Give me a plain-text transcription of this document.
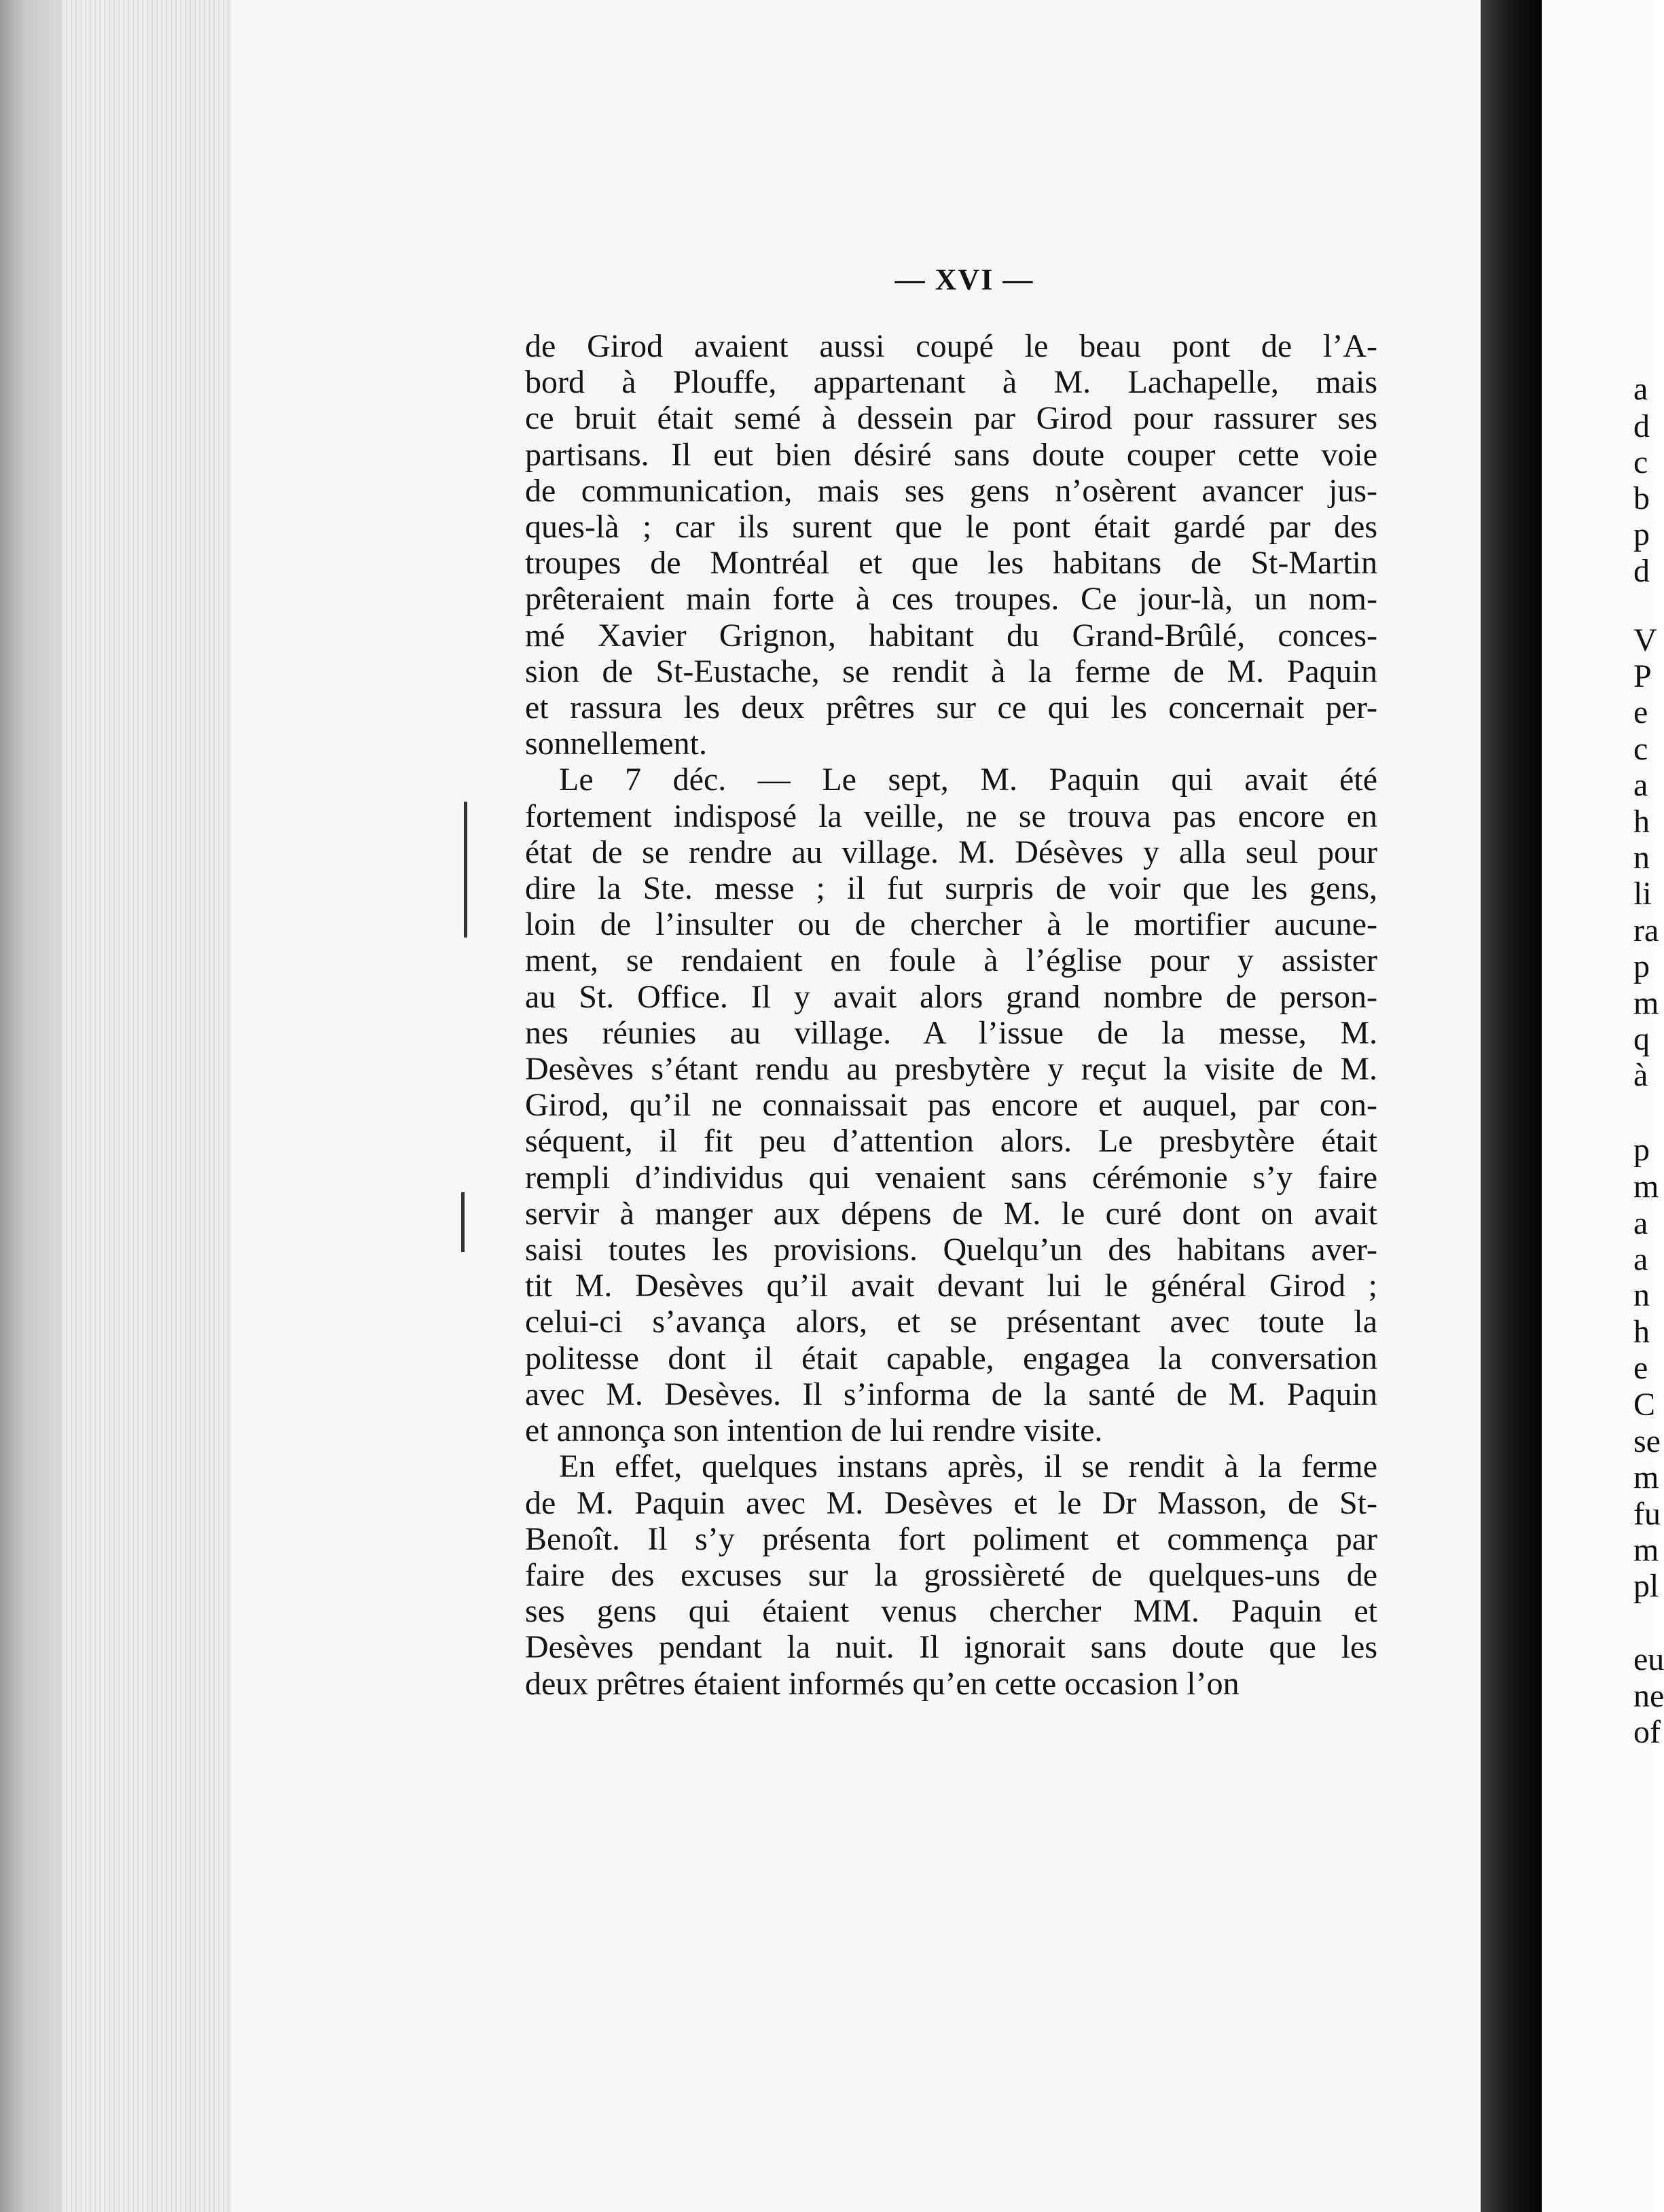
— XVI —
de Girod avaient aussi coupé le beau pont de l’A-
bord à Plouffe, appartenant à M. Lachapelle, mais
ce bruit était semé à dessein par Girod pour rassurer ses
partisans. Il eut bien désiré sans doute couper cette voie
de communication, mais ses gens n’osèrent avancer jus-
ques-là ; car ils surent que le pont était gardé par des
troupes de Montréal et que les habitans de St-Martin
prêteraient main forte à ces troupes. Ce jour-là, un nom-
mé Xavier Grignon, habitant du Grand-Brûlé, conces-
sion de St-Eustache, se rendit à la ferme de M. Paquin
et rassura les deux prêtres sur ce qui les concernait per-
sonnellement.
Le 7 déc. — Le sept, M. Paquin qui avait été
fortement indisposé la veille, ne se trouva pas encore en
état de se rendre au village. M. Désèves y alla seul pour
dire la Ste. messe ; il fut surpris de voir que les gens,
loin de l’insulter ou de chercher à le mortifier aucune-
ment, se rendaient en foule à l’église pour y assister
au St. Office. Il y avait alors grand nombre de person-
nes réunies au village. A l’issue de la messe, M.
Desèves s’étant rendu au presbytère y reçut la visite de M.
Girod, qu’il ne connaissait pas encore et auquel, par con-
séquent, il fit peu d’attention alors. Le presbytère était
rempli d’individus qui venaient sans cérémonie s’y faire
servir à manger aux dépens de M. le curé dont on avait
saisi toutes les provisions. Quelqu’un des habitans aver-
tit M. Desèves qu’il avait devant lui le général Girod ;
celui-ci s’avança alors, et se présentant avec toute la
politesse dont il était capable, engagea la conversation
avec M. Desèves. Il s’informa de la santé de M. Paquin
et annonça son intention de lui rendre visite.
En effet, quelques instans après, il se rendit à la ferme
de M. Paquin avec M. Desèves et le Dr Masson, de St-
Benoît. Il s’y présenta fort poliment et commença par
faire des excuses sur la grossièreté de quelques-uns de
ses gens qui étaient venus chercher MM. Paquin et
Desèves pendant la nuit. Il ignorait sans doute que les
deux prêtres étaient informés qu’en cette occasion l’on
a
d
c
b
p
d
V
P
e
c
a
h
n
li
ra
p
m
q
à
p
m
a
a
n
h
e
C
se
m
fu
m
pl
eu
ne
of
